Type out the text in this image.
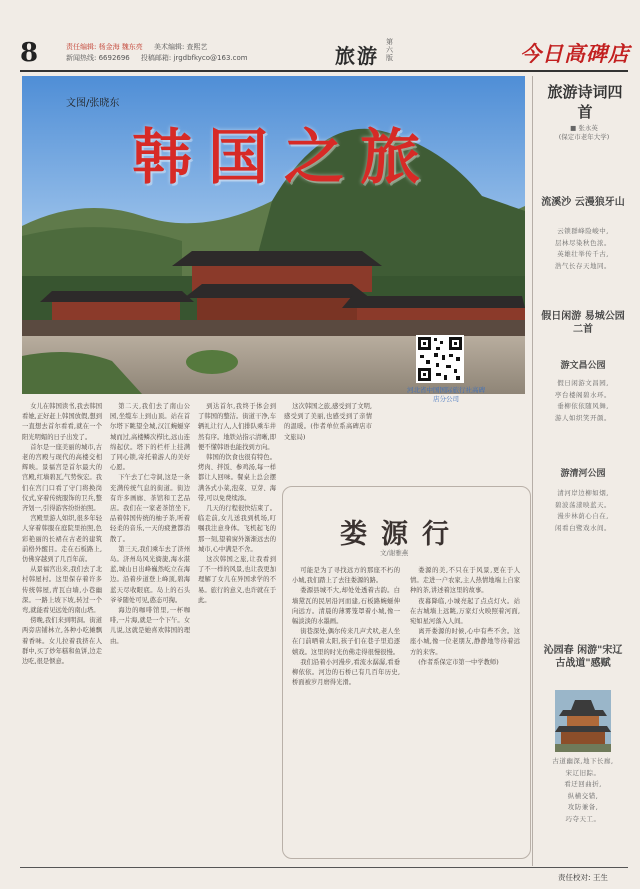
8	责任编辑: 杨金海 魏东亮 美术编辑: 查熙艺
新闻热线: 6692696 投稿邮箱: jrgdbfkyco@163.com	旅游
第六版	今日高碑店
文图/张晓东
韩国之旅

女儿在韩国读书,我去韩国看她,正好赶上韩国放假,想到一直想去首尔看看,就在一个阳光明媚的日子出发了。

首尔是一座美丽的城市,古老的宫殿与现代的高楼交相辉映。景福宫是首尔最大的宫殿,红墙碧瓦,气势恢宏。我们在宫门口看了守门将换岗仪式,穿着传统服饰的卫兵,整齐划一,引得游客纷纷拍照。

宫殿里游人如织,很多年轻人穿着韩服在庭院里拍照,色彩艳丽的长裙在古老的建筑前格外醒目。走在石板路上,仿佛穿越到了几百年前。

从景福宫出来,我们去了北村韩屋村。这里保存着许多传统韩屋,青瓦白墙,小巷幽深。一路上坡下坡,转过一个弯,就能看见远处的南山塔。

傍晚,我们来到明洞。街道两旁店铺林立,各种小吃摊飘着香味。女儿拉着我挤在人群中,买了炒年糕和鱼饼,边走边吃,很是惬意。

第二天,我们去了南山公园,坐缆车上到山顶。站在首尔塔下眺望全城,汉江蜿蜒穿城而过,高楼鳞次栉比,远山连绵起伏。塔下的栏杆上挂满了同心锁,寄托着游人的美好心愿。

下午去了仁寺洞,这是一条充满传统气息的街道。街边有许多画廊、茶馆和工艺品店。我们在一家老茶馆坐下,品着韩国传统的柚子茶,听着轻柔的音乐,一天的疲惫都消散了。

第三天,我们乘车去了济州岛。济州岛风光旖旎,海水湛蓝,城山日出峰巍然屹立在海边。沿着步道登上峰顶,碧海蓝天尽收眼底。岛上的石头爷爷随处可见,憨态可掬。

海边的咖啡馆里,一杯咖啡,一片海,就是一个下午。女儿说,这就是她喜欢韩国的理由。

到达首尔,我终于体会到了韩国的整洁。街道干净,车辆礼让行人,人们排队乘车井然有序。地铁站指示清晰,即便不懂韩语也能找到方向。

韩国的饮食也很有特色。烤肉、拌饭、参鸡汤,每一样都让人回味。餐桌上总会摆满各式小菜,泡菜、豆芽、海带,可以免费续添。

几天的行程很快结束了。临走前,女儿送我到机场,叮嘱我注意身体。飞机起飞的那一刻,望着窗外渐渐远去的城市,心中满是不舍。

这次韩国之旅,让我看到了不一样的风景,也让我更加理解了女儿在异国求学的不易。旅行的意义,也许就在于此。

这次韩国之旅,感受到了文明,感受到了美丽,也感受到了亲情的温暖。(作者单位系高碑店市文旅局)

河北省中国国际旅行社高碑店分公司
娄源行
文/谢雅燕

可能是为了寻找远方的那座不朽的小城,我们踏上了去往娄源的路。

娄源县城不大,却处处透着古韵。白墙黛瓦的民居沿河而建,石板路蜿蜒伸向远方。清晨的薄雾笼罩着小城,像一幅淡淡的水墨画。

街巷深处,偶尔传来几声犬吠,老人坐在门前晒着太阳,孩子们在巷子里追逐嬉戏。这里的时光仿佛走得很慢很慢。

我们沿着小河漫步,看流水潺潺,看垂柳依依。河边的石桥已有几百年历史,桥面被岁月磨得光滑。

娄源的美,不只在于风景,更在于人情。走进一户农家,主人热情地端上自家种的茶,讲述着这里的故事。

夜幕降临,小城亮起了点点灯火。站在古城墙上远眺,万家灯火映照着河面,宛如星河落入人间。

离开娄源的时候,心中有些不舍。这座小城,像一位老朋友,静静地等待着远方的来客。

(作者系保定市第一中学教师)

旅游诗词四首
■ 张永英
(保定市老年大学)
流溪沙 云漫狼牙山
云锁群峰险峻中,
层林尽染秋色浓。
英雄壮举传千古,
浩气长存天地同。
假日闲游 易城公园 二首
游文昌公园
假日闲游文昌园,
亭台楼阁碧水环。
垂柳依依随风舞,
游人如织笑开颜。
游清河公园
清河岸边柳如烟,
碧波荡漾映蓝天。
漫步林荫心自在,
闲看白鹭戏水间。
沁园春 闲游"宋辽古战道"感赋
古道幽深,地下长廊,
宋辽旧踪。
看迂回曲折,
纵横交错,
攻防兼备,
巧夺天工。
责任校对: 王生
